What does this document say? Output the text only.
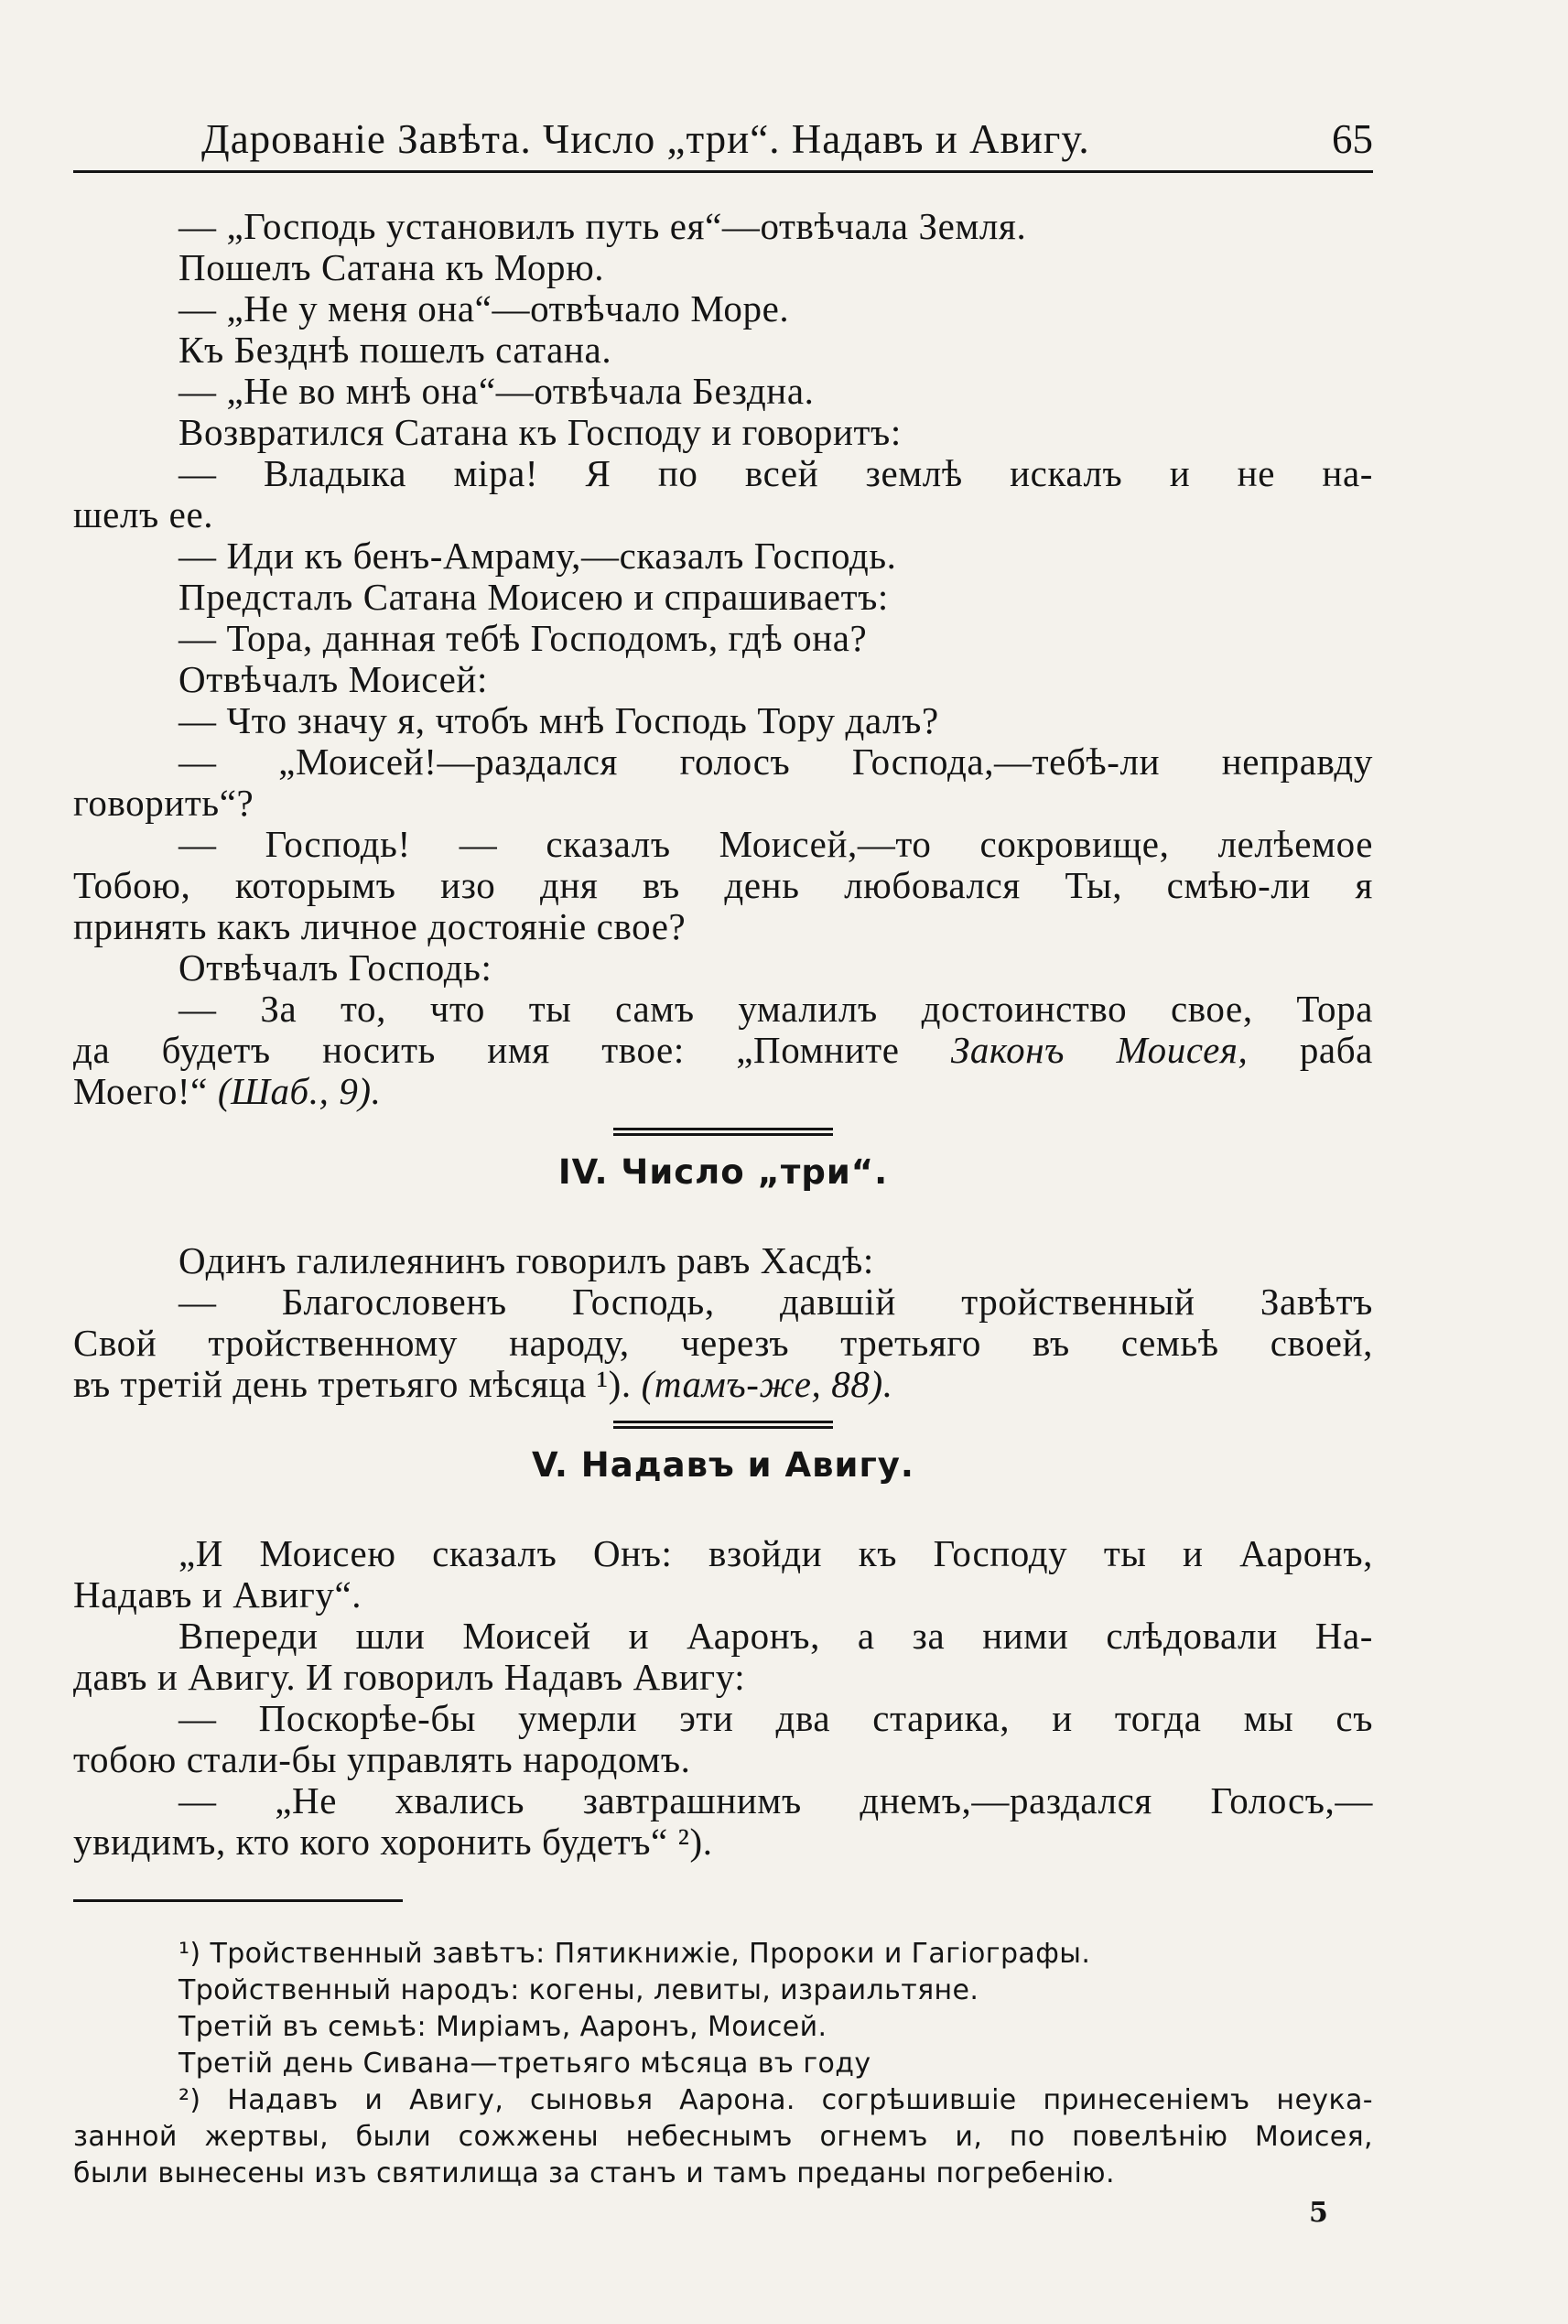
Дарованіе Завѣта. Число „три“. Надавъ и Авигу.	65

— „Господь установилъ путь ея“—отвѣчала Земля.

Пошелъ Сатана къ Морю.

— „Не у меня она“—отвѣчало Море.

Къ Безднѣ пошелъ сатана.

— „Не во мнѣ она“—отвѣчала Бездна.

Возвратился Сатана къ Господу и говоритъ:

— Владыка міра! Я по всей землѣ искалъ и не на-

шелъ ее.

— Иди къ бенъ-Амраму,—сказалъ Господь.

Предсталъ Сатана Моисею и спрашиваетъ:

— Тора, данная тебѣ Господомъ, гдѣ она?

Отвѣчалъ Моисей:

— Что значу я, чтобъ мнѣ Господь Тору далъ?

— „Моисей!—раздался голосъ Господа,—тебѣ-ли неправду

говорить“?

— Господь! — сказалъ Моисей,—то сокровище, лелѣемое

Тобою, которымъ изо дня въ день любовался Ты, смѣю-ли я

принять какъ личное достояніе свое?

Отвѣчалъ Господь:

— За то, что ты самъ умалилъ достоинство свое, Тора

да будетъ носить имя твое: „Помните Законъ Моисея, раба

Моего!“ (Шаб., 9).

IV. Число „три“.

Одинъ галилеянинъ говорилъ равъ Хасдѣ:

— Благословенъ Господь, давшій тройственный Завѣтъ

Свой тройственному народу, черезъ третьяго въ семьѣ своей,

въ третій день третьяго мѣсяца ¹). (тамъ-же, 88).

V. Надавъ и Авигу.

„И Моисею сказалъ Онъ: взойди къ Господу ты и Ааронъ,

Надавъ и Авигу“.

Впереди шли Моисей и Ааронъ, а за ними слѣдовали На-

давъ и Авигу. И говорилъ Надавъ Авигу:

— Поскорѣе-бы умерли эти два старика, и тогда мы съ

тобою стали-бы управлять народомъ.

— „Не хвались завтрашнимъ днемъ,—раздался Голосъ,—

увидимъ, кто кого хоронить будетъ“ ²).

¹) Тройственный завѣтъ: Пятикнижіе, Пророки и Гагіографы.

Тройственный народъ: когены, левиты, израильтяне.

Третій въ семьѣ: Миріамъ, Ааронъ, Моисей.

Третій день Сивана—третьяго мѣсяца въ году

²) Надавъ и Авигу, сыновья Аарона. согрѣшившіе принесеніемъ неука-

занной жертвы, были сожжены небеснымъ огнемъ и, по повелѣнію Моисея,

были вынесены изъ святилища за станъ и тамъ преданы погребенію.

5
